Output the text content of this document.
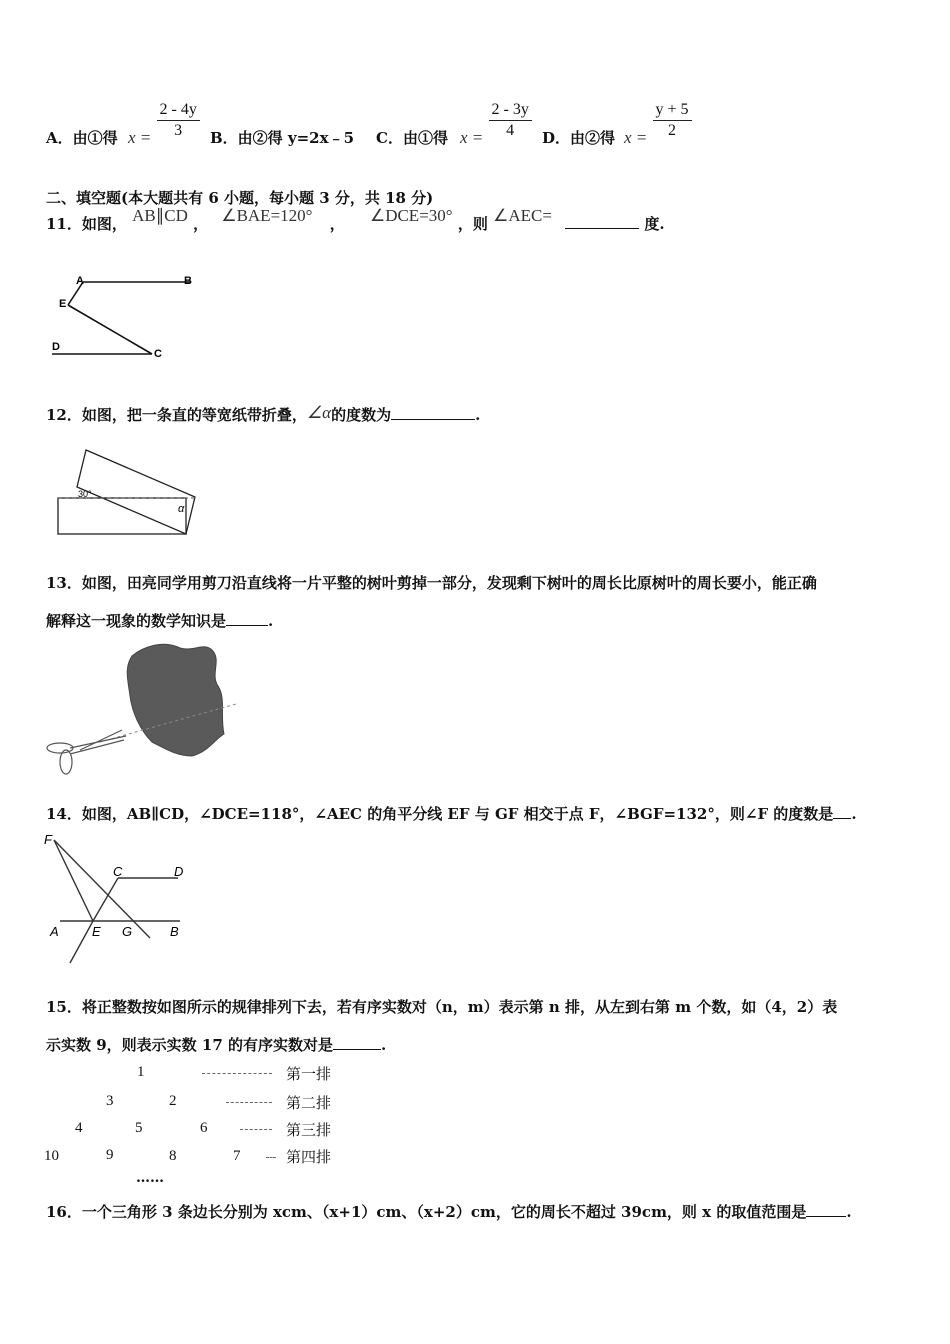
A．由①得 $x = \frac{2 - 4y}{3}$ B．由②得 y=2x﹣5 C．由①得 $x = \frac{2 - 3y}{4}$ D．由②得 $x = \frac{y + 5}{2}$
二、填空题(本大题共有 6 小题，每小题 3 分，共 18 分)
11．如图， AB∥CD ， ∠BAE=120° ， ∠DCE=30° ，则 ∠AEC=	度.
A	B
E
D
C
12．如图，把一条直的等宽纸带折叠，∠α的度数为	.
30°
α
13．如图，田亮同学用剪刀沿直线将一片平整的树叶剪掉一部分，发现剩下树叶的周长比原树叶的周长要小，能正确
解释这一现象的数学知识是	.
14．如图，AB∥CD，∠DCE=118°，∠AEC 的角平分线 EF 与 GF 相交于点 F，∠BGF=132°，则∠F 的度数是 .
F
C	D
A	E G	B
15．将正整数按如图所示的规律排列下去，若有序实数对（n，m）表示第 n 排，从左到右第 m 个数，如（4，2）表
示实数 9，则表示实数 17 的有序实数对是	.
1	第一排
3	2	第二排
4	5	6	第三排
10	9	8	7	第四排
……
16．一个三角形 3 条边长分别为 xcm、（x+1）cm、（x+2）cm，它的周长不超过 39cm，则 x 的取值范围是	.
